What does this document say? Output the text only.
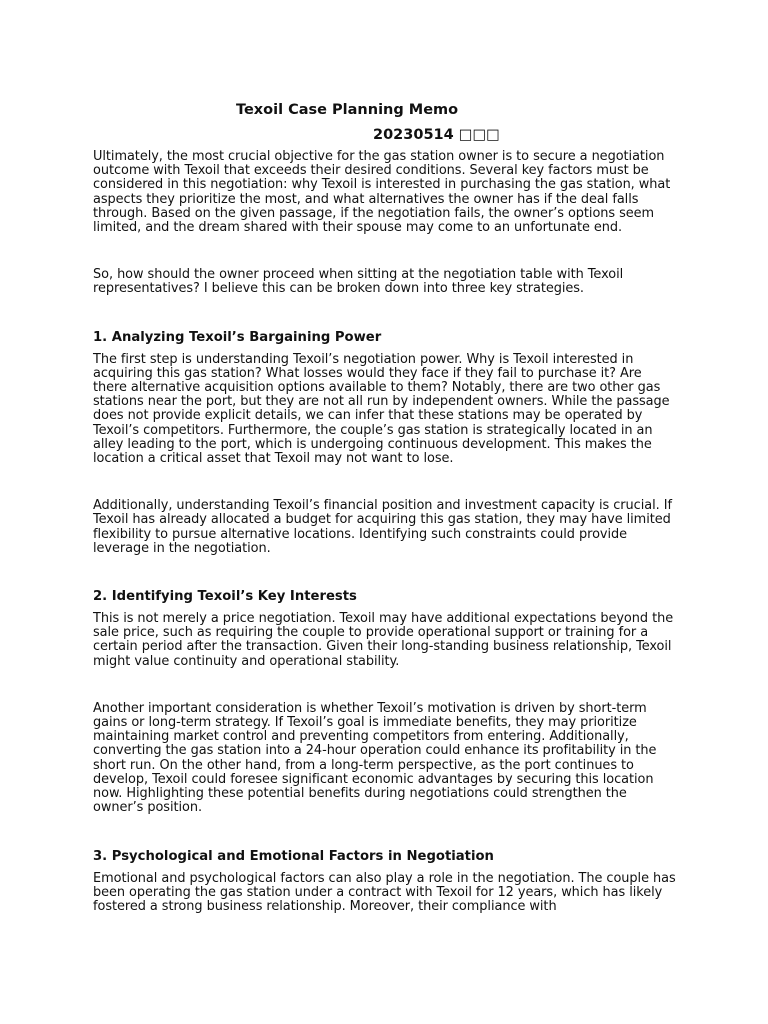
Texoil Case Planning Memo
20230514 □□□

Ultimately, the most crucial objective for the gas station owner is to secure a negotiation outcome with Texoil that exceeds their desired conditions. Several key factors must be considered in this negotiation: why Texoil is interested in purchasing the gas station, what aspects they prioritize the most, and what alternatives the owner has if the deal falls through. Based on the given passage, if the negotiation fails, the owner’s options seem limited, and the dream shared with their spouse may come to an unfortunate end.

So, how should the owner proceed when sitting at the negotiation table with Texoil representatives? I believe this can be broken down into three key strategies.

1. Analyzing Texoil’s Bargaining Power

The first step is understanding Texoil’s negotiation power. Why is Texoil interested in acquiring this gas station? What losses would they face if they fail to purchase it? Are there alternative acquisition options available to them? Notably, there are two other gas stations near the port, but they are not all run by independent owners. While the passage does not provide explicit details, we can infer that these stations may be operated by Texoil’s competitors. Furthermore, the couple’s gas station is strategically located in an alley leading to the port, which is undergoing continuous development. This makes the location a critical asset that Texoil may not want to lose.

Additionally, understanding Texoil’s financial position and investment capacity is crucial. If Texoil has already allocated a budget for acquiring this gas station, they may have limited flexibility to pursue alternative locations. Identifying such constraints could provide leverage in the negotiation.

2. Identifying Texoil’s Key Interests

This is not merely a price negotiation. Texoil may have additional expectations beyond the sale price, such as requiring the couple to provide operational support or training for a certain period after the transaction. Given their long-standing business relationship, Texoil might value continuity and operational stability.

Another important consideration is whether Texoil’s motivation is driven by short-term gains or long-term strategy. If Texoil’s goal is immediate benefits, they may prioritize maintaining market control and preventing competitors from entering. Additionally, converting the gas station into a 24-hour operation could enhance its profitability in the short run. On the other hand, from a long-term perspective, as the port continues to develop, Texoil could foresee significant economic advantages by securing this location now. Highlighting these potential benefits during negotiations could strengthen the owner’s position.

3. Psychological and Emotional Factors in Negotiation

Emotional and psychological factors can also play a role in the negotiation. The couple has been operating the gas station under a contract with Texoil for 12 years, which has likely fostered a strong business relationship. Moreover, their compliance with
